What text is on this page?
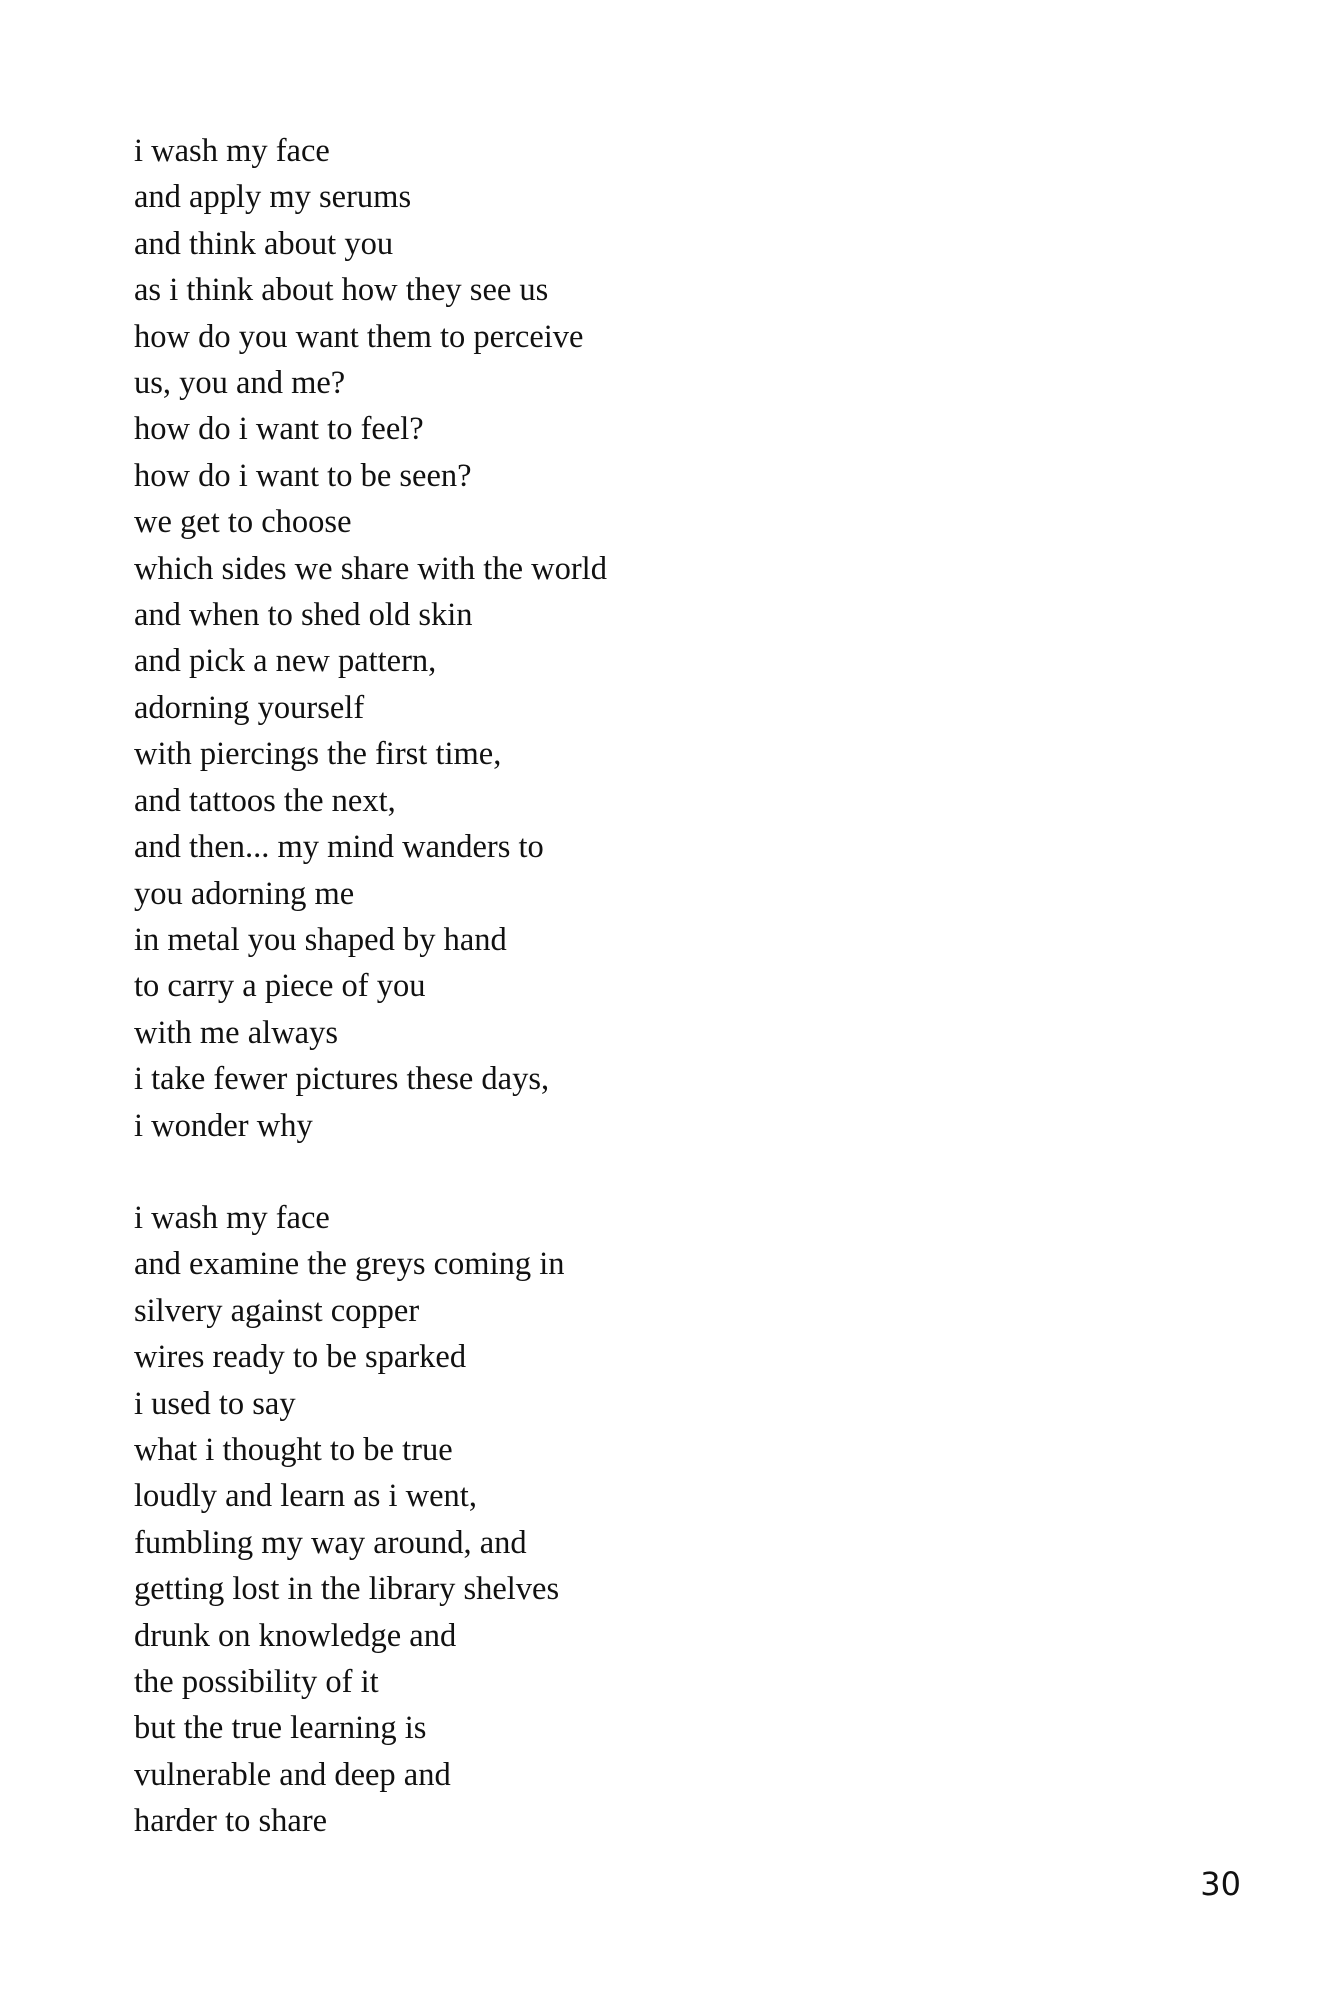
i wash my face
and apply my serums
and think about you
as i think about how they see us
how do you want them to perceive
us, you and me?
how do i want to feel?
how do i want to be seen?
we get to choose
which sides we share with the world
and when to shed old skin
and pick a new pattern,
adorning yourself
with piercings the first time,
and tattoos the next,
and then... my mind wanders to
you adorning me
in metal you shaped by hand
to carry a piece of you
with me always
i take fewer pictures these days,
i wonder why
i wash my face
and examine the greys coming in
silvery against copper
wires ready to be sparked
i used to say
what i thought to be true
loudly and learn as i went,
fumbling my way around, and
getting lost in the library shelves
drunk on knowledge and
the possibility of it
but the true learning is
vulnerable and deep and
harder to share
30
